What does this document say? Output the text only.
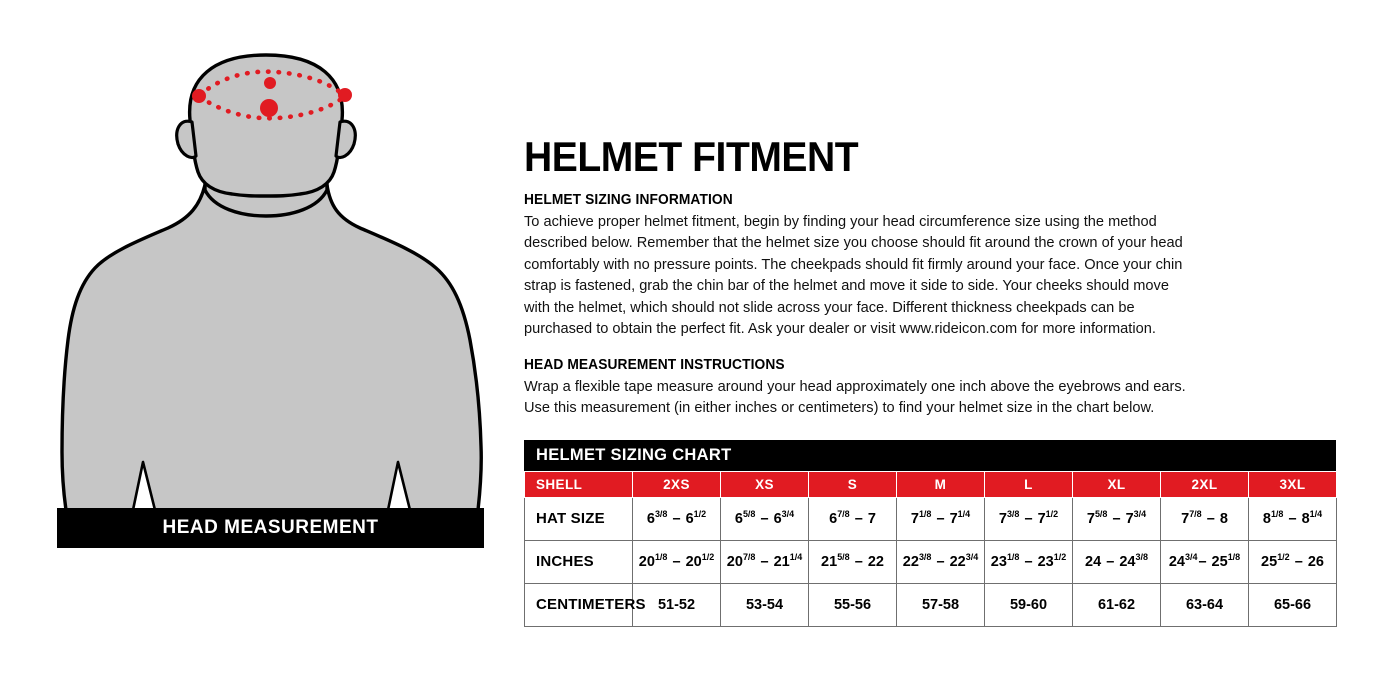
HEAD MEASUREMENT
HELMET FITMENT
HELMET SIZING INFORMATION

To achieve proper helmet fitment, begin by finding your head circumference size using the method described below. Remember that the helmet size you choose should fit around the crown of your head comfortably with no pressure points. The cheekpads should fit firmly around your face. Once your chin strap is fastened, grab the chin bar of the helmet and move it side to side. Your cheeks should move with the helmet, which should not slide across your face. Different thickness cheekpads can be purchased to obtain the perfect fit. Ask your dealer or visit www.rideicon.com for more information.

HEAD MEASUREMENT INSTRUCTIONS

Wrap a flexible tape measure around your head approximately one inch above the eyebrows and ears. Use this measurement (in either inches or centimeters) to find your helmet size in the chart below.

HELMET SIZING CHART
SHELL	2XS	XS	S	M	L	XL	2XL	3XL
HAT SIZE	$6^{3/8} - 6^{1/2}$	$6^{5/8} - 6^{3/4}$	$6^{7/8} - 7$	$7^{1/8} - 7^{1/4}$	$7^{3/8} - 7^{1/2}$	$7^{5/8} - 7^{3/4}$	$7^{7/8} - 8$	$8^{1/8} - 8^{1/4}$
INCHES	$20^{1/8} - 20^{1/2}$	$20^{7/8} - 21^{1/4}$	$21^{5/8} - 22$	$22^{3/8} - 22^{3/4}$	$23^{1/8} - 23^{1/2}$	$24 - 24^{3/8}$	$24^{3/4}-$ $25^{1/8}$	$25^{1/2} - 26$
CENTIMETERS	51-52	53-54	55-56	57-58	59-60	61-62	63-64	65-66
